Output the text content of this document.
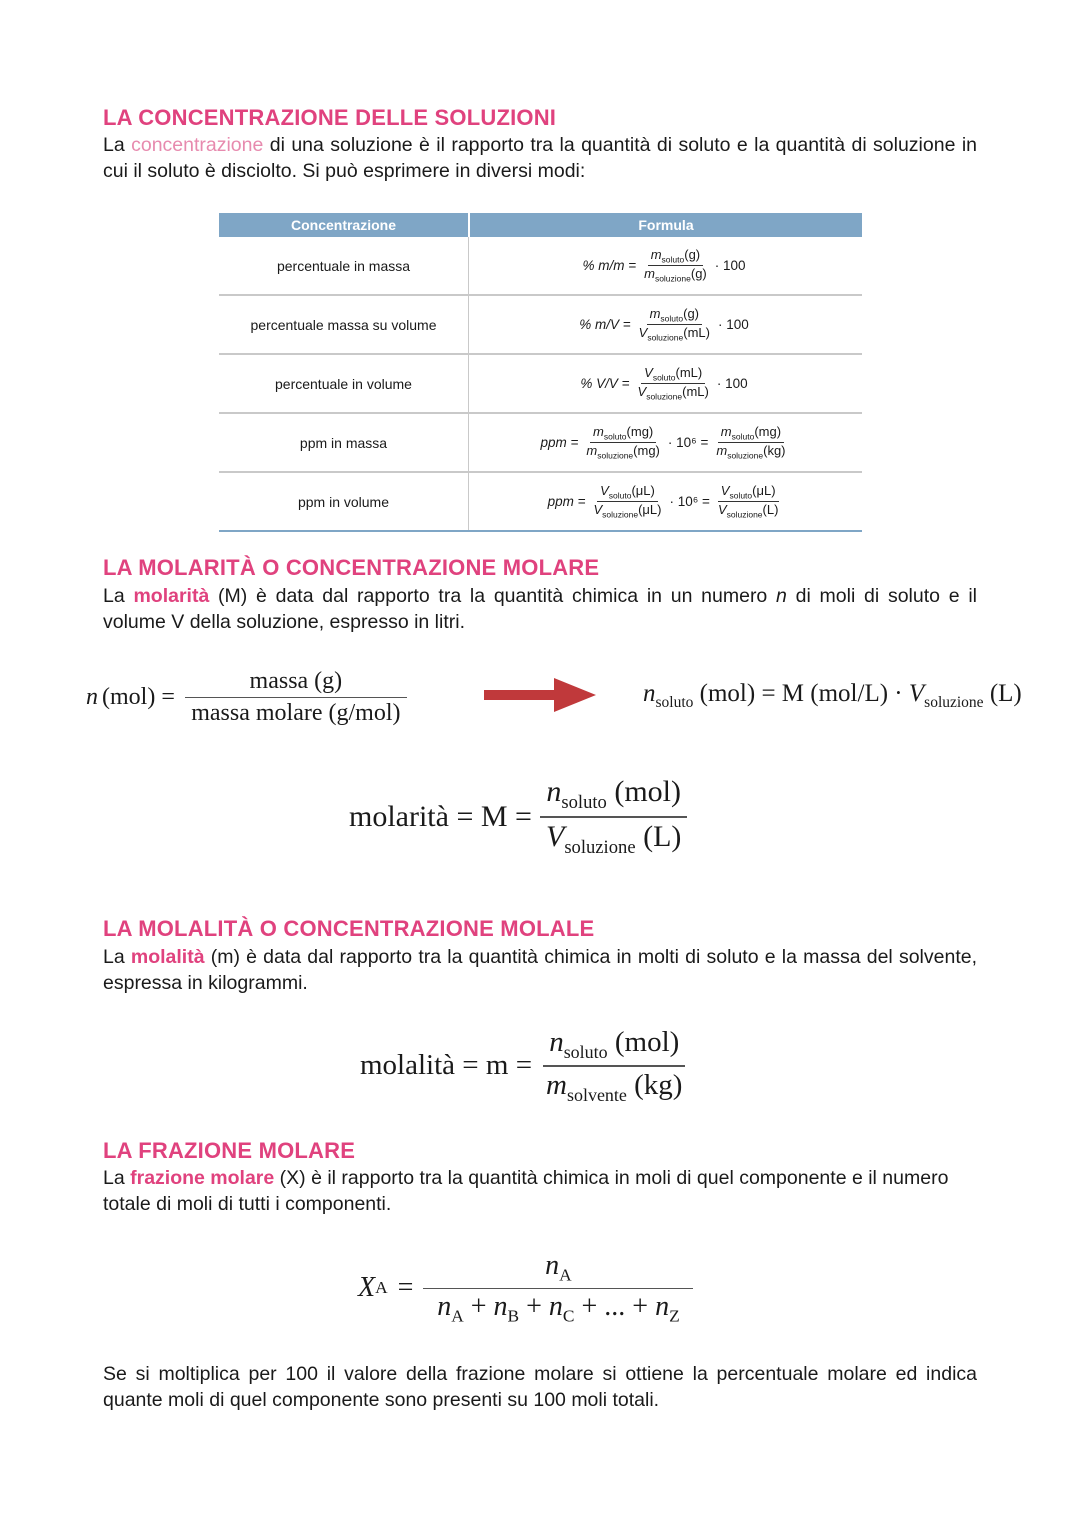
LA CONCENTRAZIONE DELLE SOLUZIONI
La concentrazione di una soluzione è il rapporto tra la quantità di soluto e la quantità di soluzione in cui il soluto è disciolto. Si può esprimere in diversi modi:
Concentrazione	Formula
percentuale in massa	% $m/m = \frac{m_{soluto}(g)}{m_{soluzione}(g)} \cdot 100$
percentuale massa su volume	% $m/V = \frac{m_{soluto}(g)}{V_{soluzione}(mL)} \cdot 100$
percentuale in volume	% $V/V = \frac{V_{soluto}(mL)}{V_{soluzione}(mL)} \cdot 100$
ppm in massa	ppm = $\frac{m_{soluto}(mg)}{m_{soluzione}(mg)} \cdot 10^6 = \frac{m_{soluto}(mg)}{m_{soluzione}(kg)}$
ppm in volume	ppm = $\frac{V_{soluto}(\mu L)}{V_{soluzione}(\mu L)} \cdot 10^6 = \frac{V_{soluto}(\mu L)}{V_{soluzione}(L)}$
LA MOLARITÀ O CONCENTRAZIONE MOLARE
La molarità (M) è data dal rapporto tra la quantità chimica in un numero n di moli di soluto e il volume V della soluzione, espresso in litri.
n (mol) =
massa (g)
massa molare (g/mol)
$n_{soluto}$ (mol) = M $(mol/L) \cdot V_{soluzione}$ (L)
molarità = M =
$n_{soluto}$ (mol)
$V_{soluzione}$ (L)
LA MOLALITÀ O CONCENTRAZIONE MOLALE
La molalità (m) è data dal rapporto tra la quantità chimica in molti di soluto e la massa del solvente, espressa in kilogrammi.
molalità = m =
$n_{soluto}$ (mol)
$m_{solvente}$ (kg)
LA FRAZIONE MOLARE
La frazione molare (X) è il rapporto tra la quantità chimica in moli di quel componente e il numero totale di moli di tutti i componenti.
X $A = \frac{n_A}{n_A + n_B + n_C + ... + n_Z}$
Se si moltiplica per 100 il valore della frazione molare si ottiene la percentuale molare ed indica quante moli di quel componente sono presenti su 100 moli totali.
